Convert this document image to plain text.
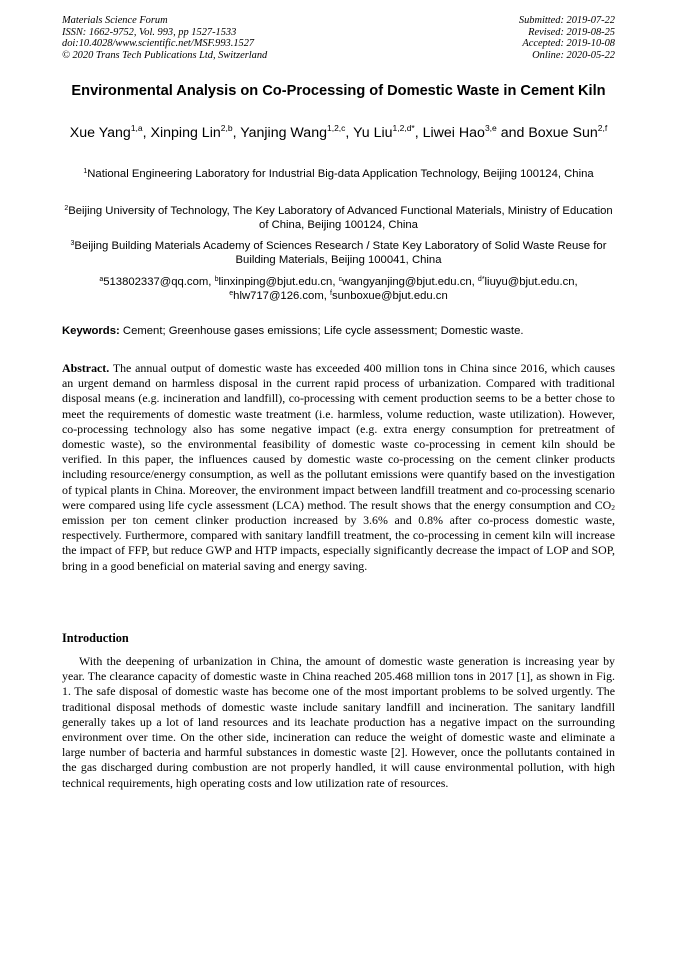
Materials Science Forum
ISSN: 1662-9752, Vol. 993, pp 1527-1533
doi:10.4028/www.scientific.net/MSF.993.1527
© 2020 Trans Tech Publications Ltd, Switzerland
Submitted: 2019-07-22
Revised: 2019-08-25
Accepted: 2019-10-08
Online: 2020-05-22
Environmental Analysis on Co-Processing of Domestic Waste in Cement Kiln
Xue Yang$^{1,a}$, Xinping Lin$^{2,b}$, Yanjing Wang$^{1,2,c}$, Yu Liu$^{1,2,d*}$, Liwei Hao$^{3,e}$ and Boxue Sun$^{2,f}$
$^1$National Engineering Laboratory for Industrial Big-data Application Technology, Beijing 100124, China
$^2$Beijing University of Technology, The Key Laboratory of Advanced Functional Materials, Ministry of Education of China, Beijing 100124, China
$^3$Beijing Building Materials Academy of Sciences Research / State Key Laboratory of Solid Waste Reuse for Building Materials, Beijing 100041, China
$^a$513802337@qq.com, $^b$linxinping@bjut.edu.cn, $^c$wangyanjing@bjut.edu.cn, $^{d*}$liuyu@bjut.edu.cn, $^e$hlw717@126.com, $^f$sunboxue@bjut.edu.cn
Keywords: Cement; Greenhouse gases emissions; Life cycle assessment; Domestic waste.
Abstract. The annual output of domestic waste has exceeded 400 million tons in China since 2016, which causes an urgent demand on harmless disposal in the current rapid process of urbanization. Compared with traditional disposal means (e.g. incineration and landfill), co-processing with cement production seems to be a better chose to meet the requirements of domestic waste treatment (i.e. harmless, volume reduction, waste utilization). However, co-processing technology also has some negative impact (e.g. extra energy consumption for pretreatment of domestic waste), so the environmental feasibility of domestic waste co-processing in cement kiln should be verified. In this paper, the influences caused by domestic waste co-processing on the cement clinker products including resource/energy consumption, as well as the pollutant emissions were quantify based on the investigation of typical plants in China. Moreover, the environment impact between landfill treatment and co-processing scenario were compared using life cycle assessment (LCA) method. The result shows that the energy consumption and CO2 emission per ton cement clinker production increased by 3.6% and 0.8% after co-process domestic waste, respectively. Furthermore, compared with sanitary landfill treatment, the co-processing in cement kiln will increase the impact of FFP, but reduce GWP and HTP impacts, especially significantly decrease the impact of LOP and SOP, bring in a good beneficial on material saving and energy saving.
Introduction
With the deepening of urbanization in China, the amount of domestic waste generation is increasing year by year. The clearance capacity of domestic waste in China reached 205.468 million tons in 2017 [1], as shown in Fig. 1. The safe disposal of domestic waste has become one of the most important problems to be solved urgently. The traditional disposal methods of domestic waste include sanitary landfill and incineration. The sanitary landfill generally takes up a lot of land resources and its leachate production has a negative impact on the surrounding environment over time. On the other side, incineration can reduce the weight of domestic waste and eliminate a large number of bacteria and harmful substances in domestic waste [2]. However, once the pollutants contained in the gas discharged during combustion are not properly handled, it will cause environmental pollution, with high technical requirements, high operating costs and low utilization rate of resources.
